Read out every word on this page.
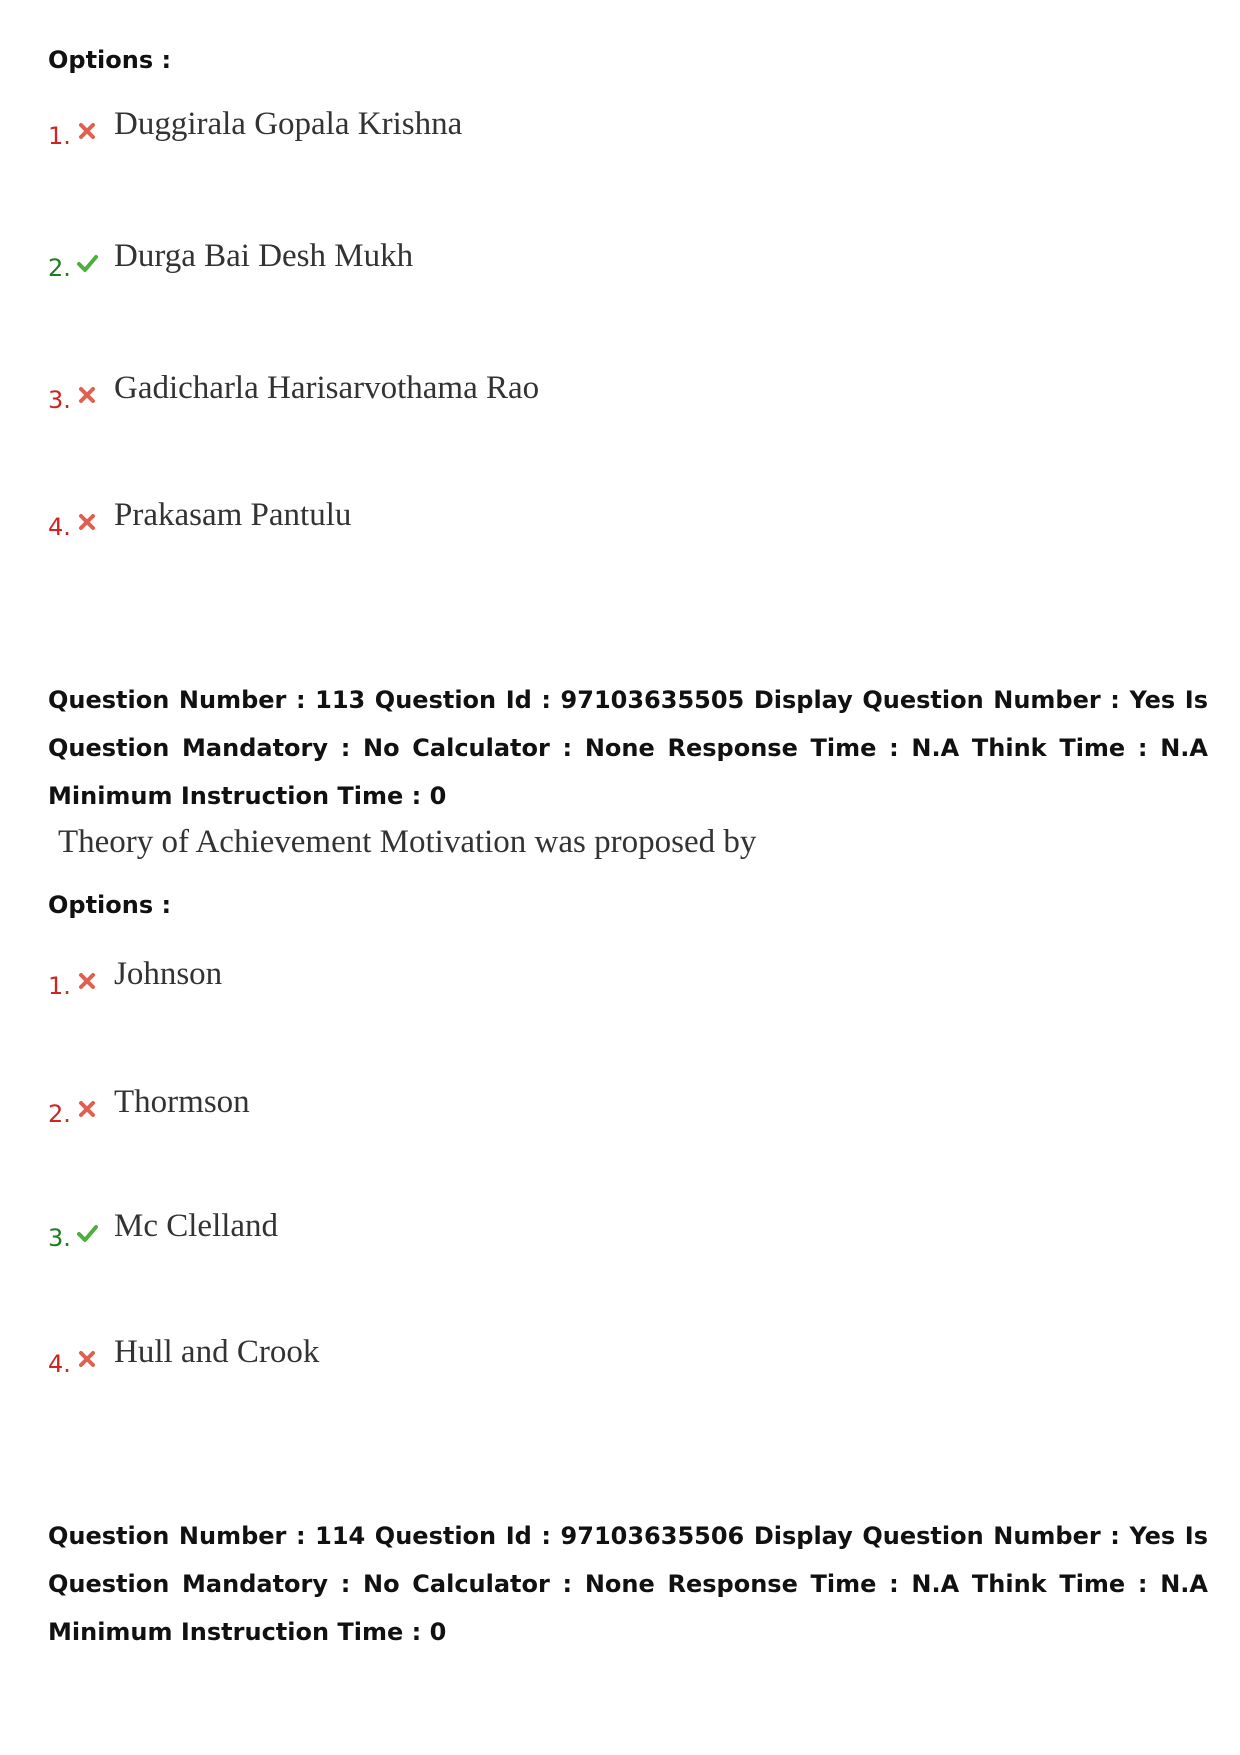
Options :
1. Duggirala Gopala Krishna
2. Durga Bai Desh Mukh
3. Gadicharla Harisarvothama Rao
4. Prakasam Pantulu
Question Number : 113 Question Id : 97103635505 Display Question Number : Yes Is Question Mandatory : No Calculator : None Response Time : N.A Think Time : N.A Minimum Instruction Time : 0
Theory of Achievement Motivation was proposed by
Options :
1. Johnson
2. Thormson
3. Mc Clelland
4. Hull and Crook
Question Number : 114 Question Id : 97103635506 Display Question Number : Yes Is Question Mandatory : No Calculator : None Response Time : N.A Think Time : N.A Minimum Instruction Time : 0
